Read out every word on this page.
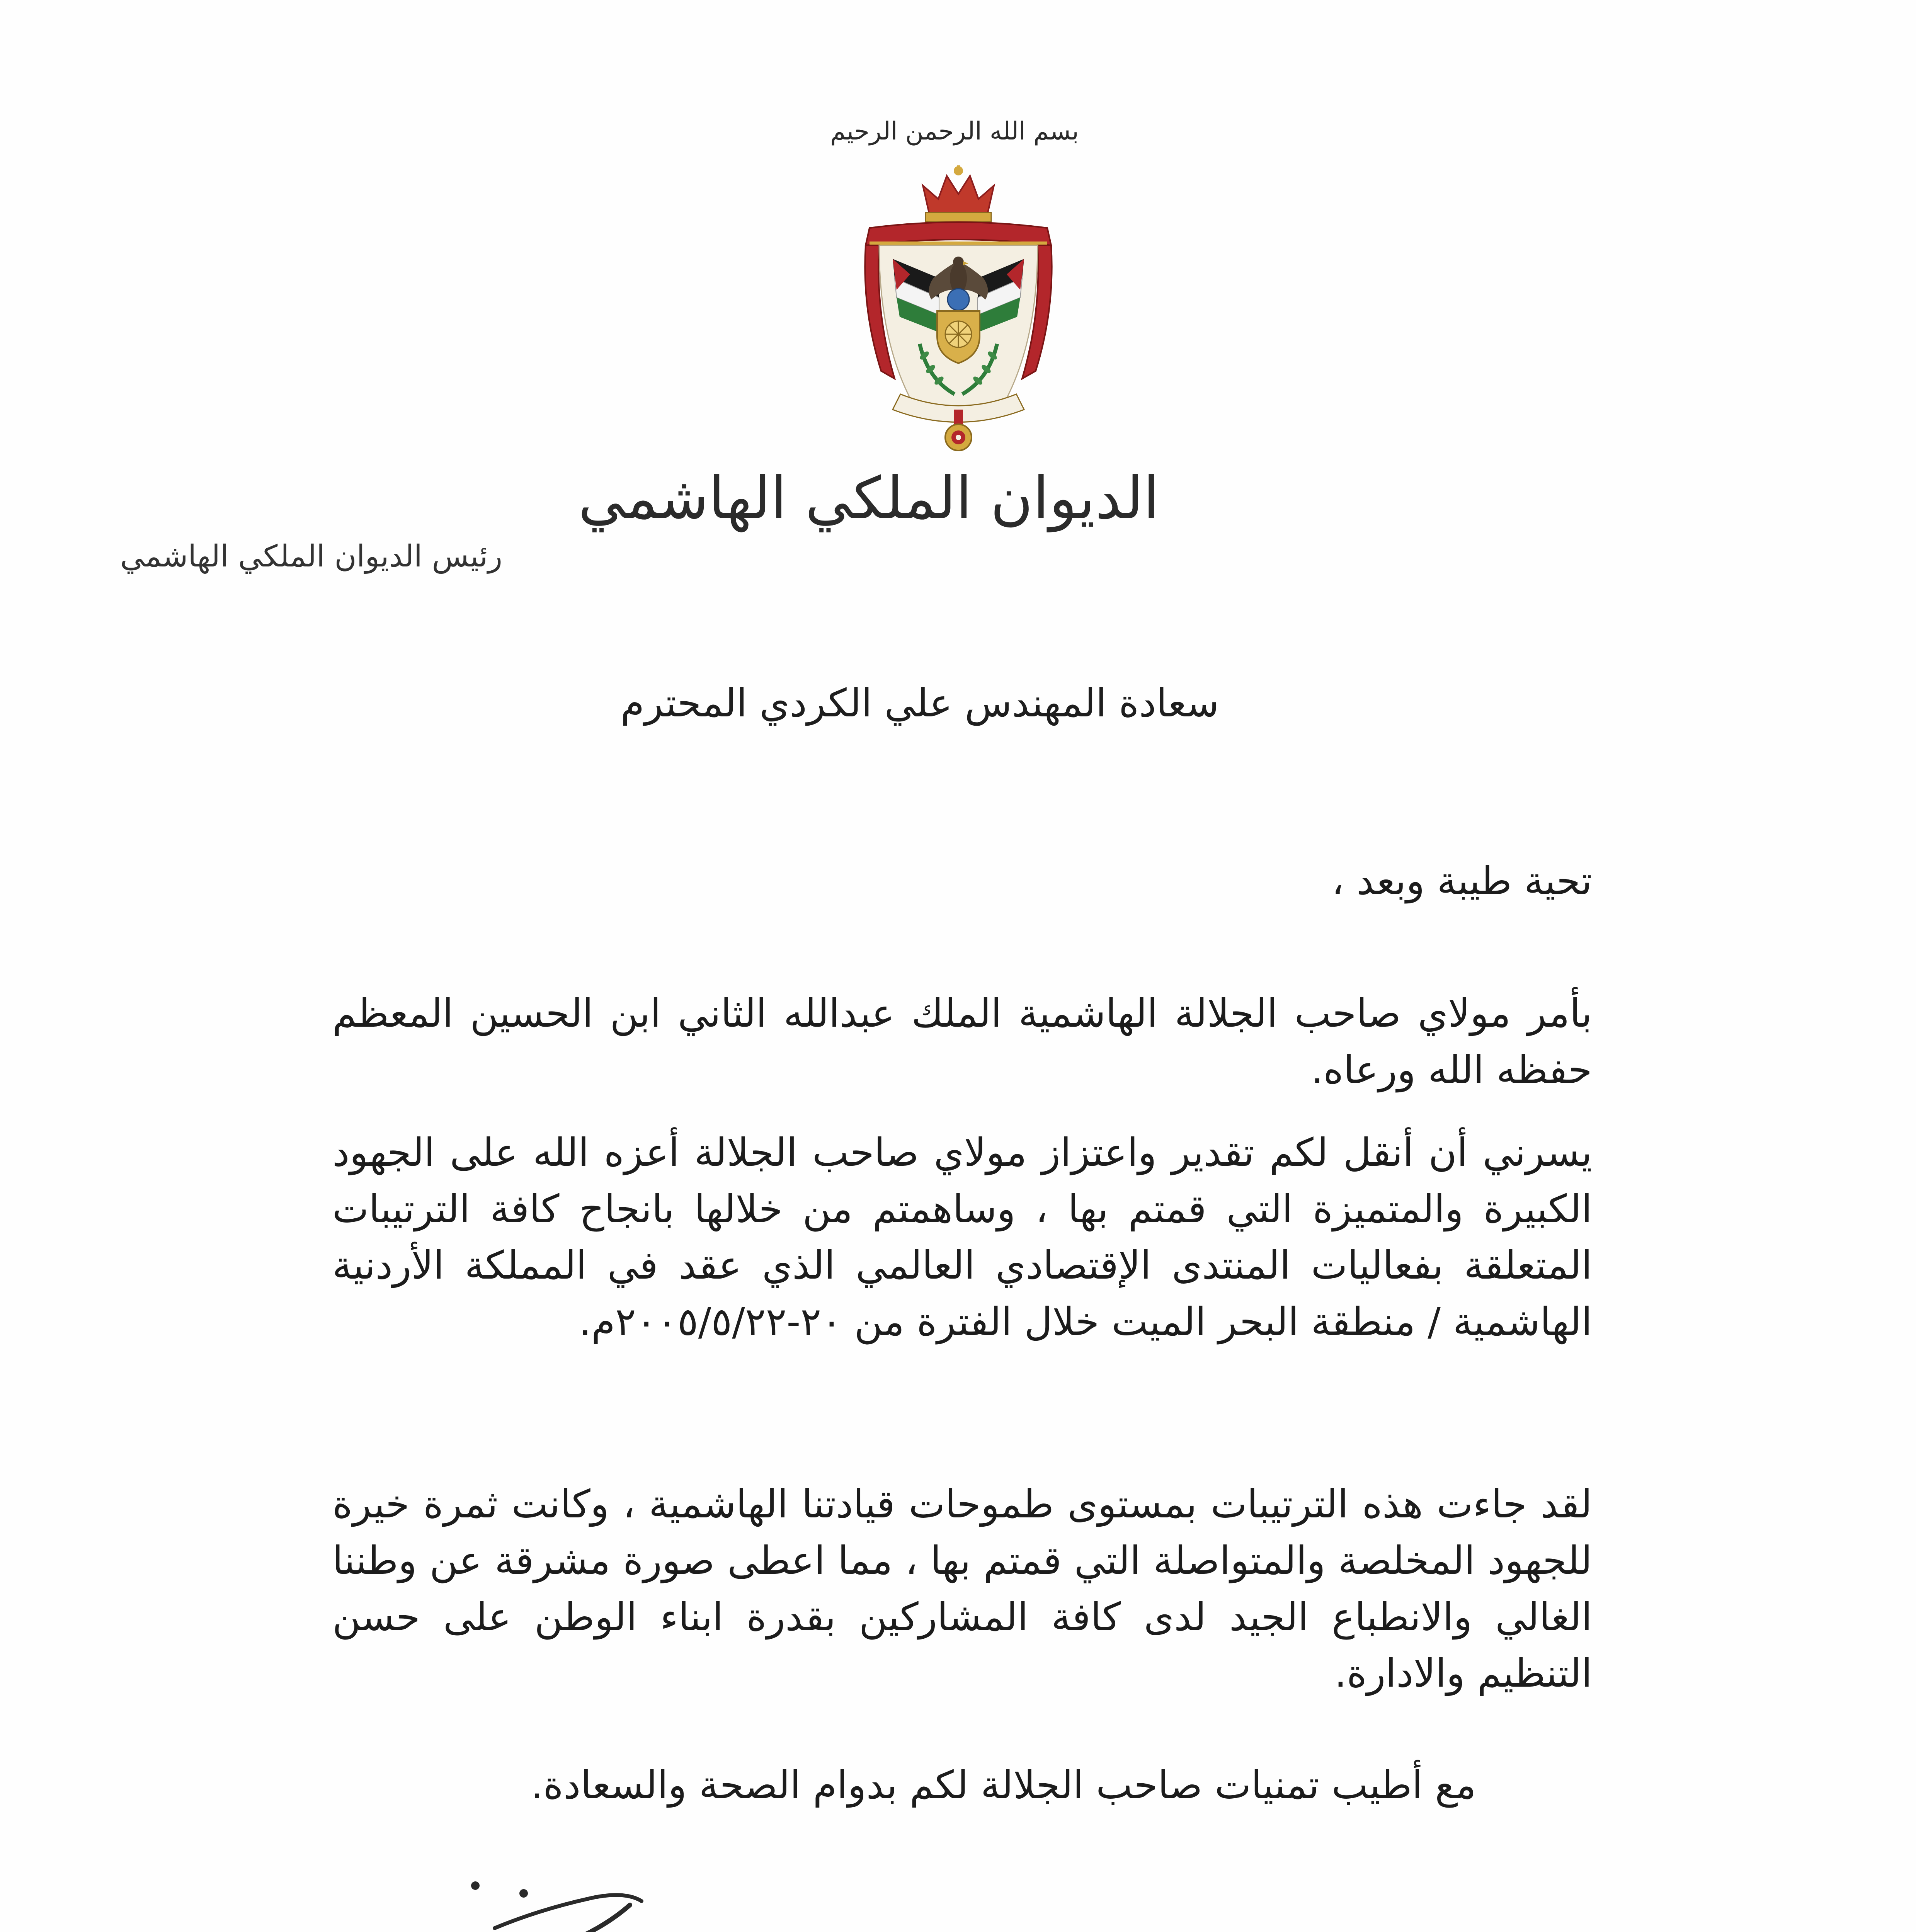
بسم الله الرحمن الرحيم
الديوان الملكي الهاشمي
رئيس الديوان الملكي الهاشمي
سعادة المهندس علي الكردي المحترم
تحية طيبة وبعد ،
بأمر مولاي صاحب الجلالة الهاشمية الملك عبدالله الثاني ابن الحسين المعظم حفظه الله ورعاه.
يسرني أن أنقل لكم تقدير واعتزاز مولاي صاحب الجلالة أعزه الله على الجهود الكبيرة والمتميزة التي قمتم بها ، وساهمتم من خلالها بانجاح كافة الترتيبات المتعلقة بفعاليات المنتدى الإقتصادي العالمي الذي عقد في المملكة الأردنية الهاشمية / منطقة البحر الميت خلال الفترة من ٢٠-٢٠٠٥/٥/٢٢م.
لقد جاءت هذه الترتيبات بمستوى طموحات قيادتنا الهاشمية ، وكانت ثمرة خيرة للجهود المخلصة والمتواصلة التي قمتم بها ، مما اعطى صورة مشرقة عن وطننا الغالي والانطباع الجيد لدى كافة المشاركين بقدرة ابناء الوطن على حسن التنظيم والادارة.
مع أطيب تمنيات صاحب الجلالة لكم بدوام الصحة والسعادة.
